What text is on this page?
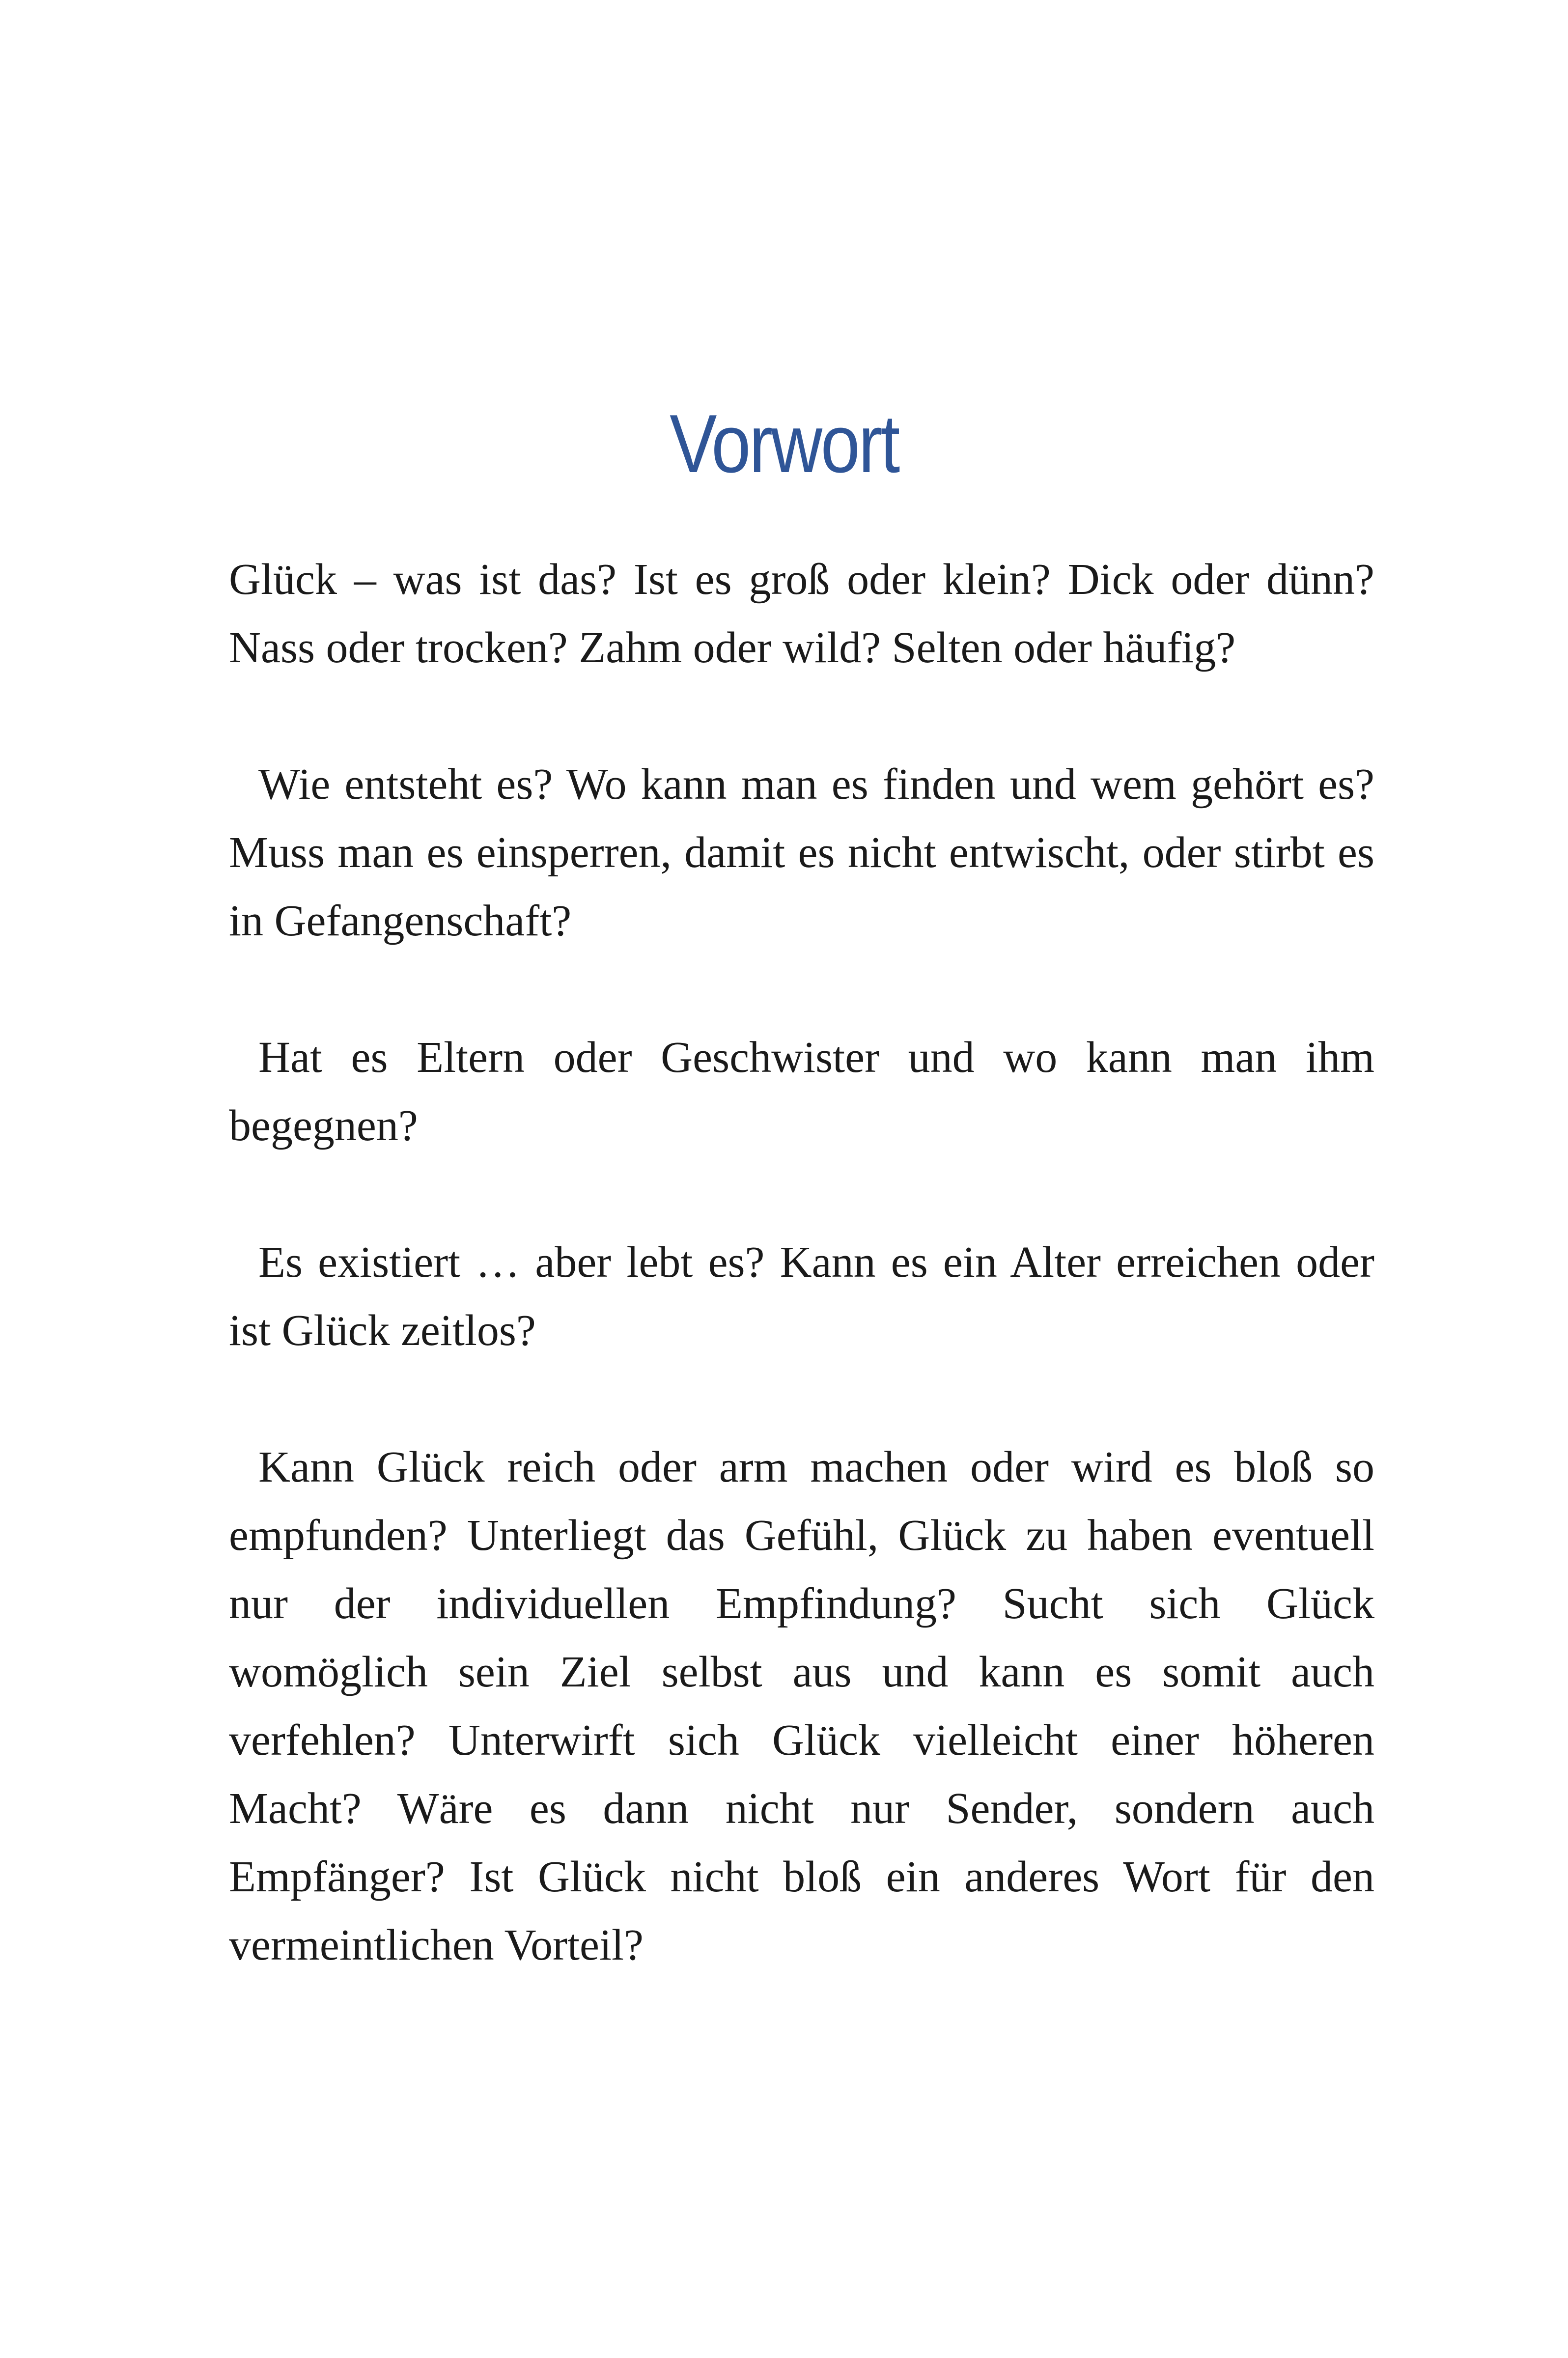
Vorwort

Glück – was ist das? Ist es groß oder klein? Dick oder dünn? Nass oder trocken? Zahm oder wild? Selten oder häufig?

Wie entsteht es? Wo kann man es finden und wem gehört es? Muss man es einsperren, damit es nicht entwischt, oder stirbt es in Gefangenschaft?

Hat es Eltern oder Geschwister und wo kann man ihm begegnen?

Es existiert … aber lebt es? Kann es ein Alter erreichen oder ist Glück zeitlos?

Kann Glück reich oder arm machen oder wird es bloß so empfunden? Unterliegt das Gefühl, Glück zu haben eventuell nur der individuellen Empfindung? Sucht sich Glück womöglich sein Ziel selbst aus und kann es somit auch verfehlen? Unterwirft sich Glück vielleicht einer höheren Macht? Wäre es dann nicht nur Sender, sondern auch Empfänger? Ist Glück nicht bloß ein anderes Wort für den vermeintlichen Vorteil?
